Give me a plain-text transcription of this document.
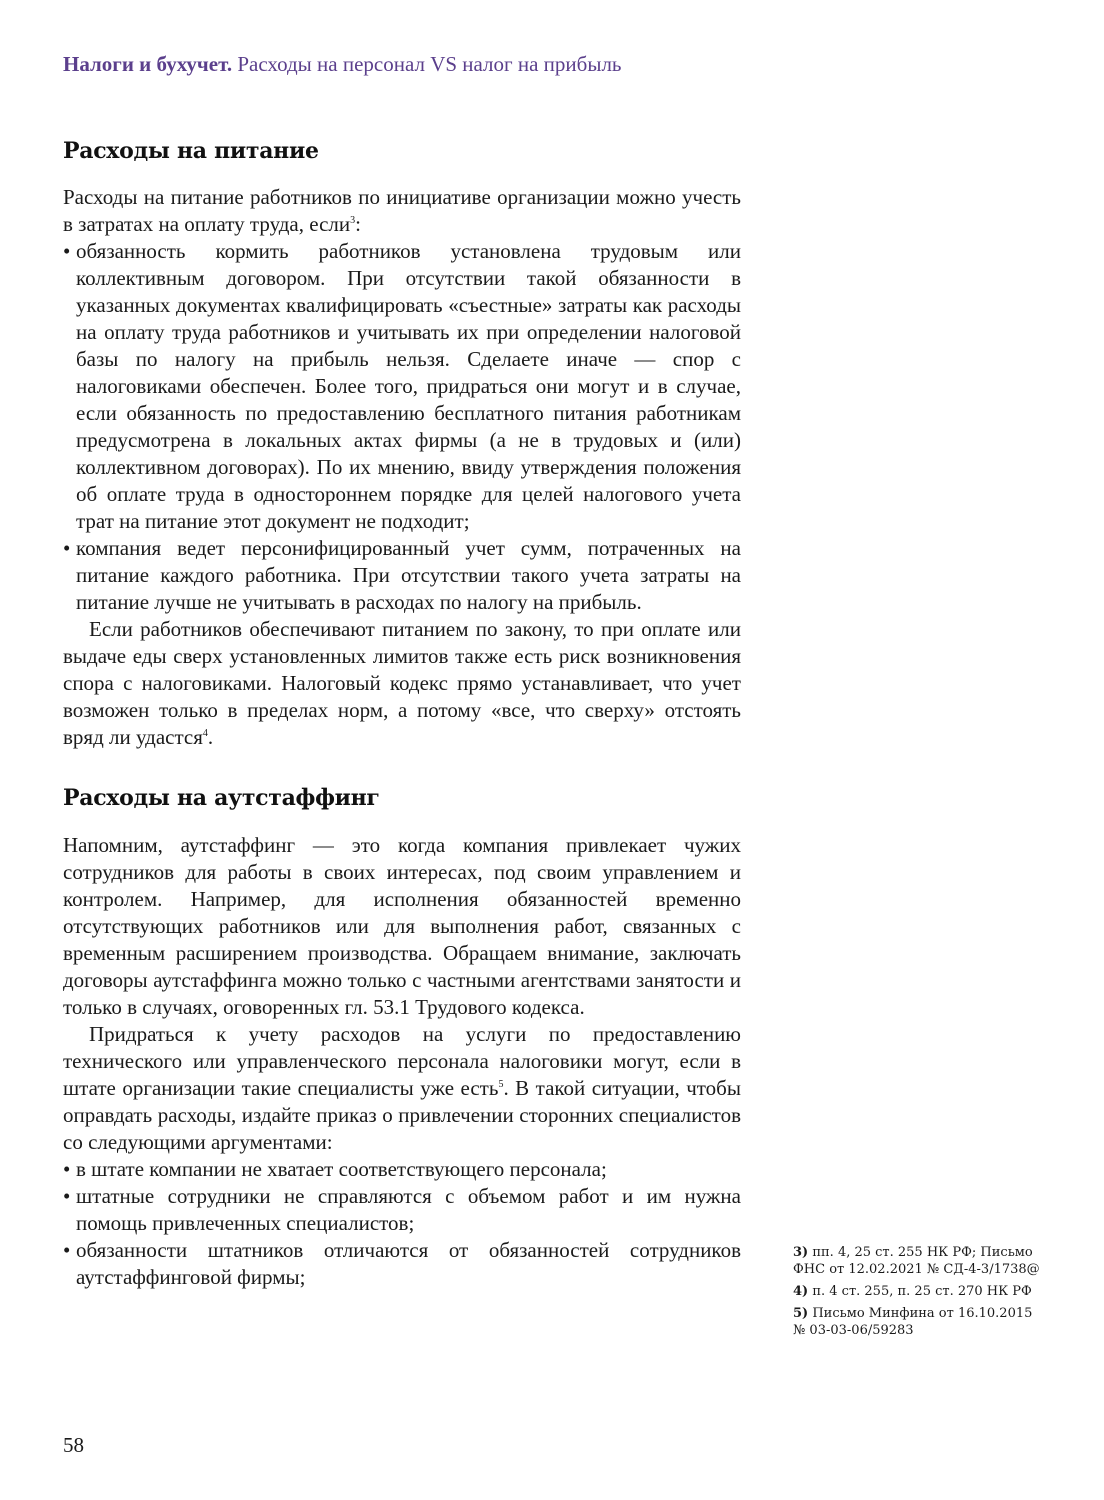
Налоги и бухучет. Расходы на персонал VS налог на прибыль
Расходы на питание

Расходы на питание работников по инициативе организации можно учесть в затратах на оплату труда, если$^3$:

• обязанность кормить работников установлена трудовым или коллективным договором. При отсутствии такой обязанности в указанных документах квалифицировать «съестные» затраты как расходы на оплату труда работников и учитывать их при определении налоговой базы по налогу на прибыль нельзя. Сделаете иначе — спор с налоговиками обеспечен. Более того, придраться они могут и в случае, если обязанность по предоставлению бесплатного питания работникам предусмотрена в локальных актах фирмы (а не в трудовых и (или) коллективном договорах). По их мнению, ввиду утверждения положения об оплате труда в одностороннем порядке для целей налогового учета трат на питание этот документ не подходит;
• компания ведет персонифицированный учет сумм, потраченных на питание каждого работника. При отсутствии такого учета затраты на питание лучше не учитывать в расходах по налогу на прибыль.

Если работников обеспечивают питанием по закону, то при оплате или выдаче еды сверх установленных лимитов также есть риск возникновения спора с налоговиками. Налоговый кодекс прямо устанавливает, что учет возможен только в пределах норм, а потому «все, что сверху» отстоять вряд ли удастся$^4$.

Расходы на аутстаффинг

Напомним, аутстаффинг — это когда компания привлекает чужих сотрудников для работы в своих интересах, под своим управлением и контролем. Например, для исполнения обязанностей временно отсутствующих работников или для выполнения работ, связанных с временным расширением производства. Обращаем внимание, заключать договоры аутстаффинга можно только с частными агентствами занятости и только в случаях, оговоренных гл. 53.1 Трудового кодекса.

Придраться к учету расходов на услуги по предоставлению технического или управленческого персонала налоговики могут, если в штате организации такие специалисты уже есть$^5$. В такой ситуации, чтобы оправдать расходы, издайте приказ о привлечении сторонних специалистов со следующими аргументами:

• в штате компании не хватает соответствующего персонала;
• штатные сотрудники не справляются с объемом работ и им нужна помощь привлеченных специалистов;
• обязанности штатников отличаются от обязанностей сотрудников аутстаффинговой фирмы;
3) пп. 4, 25 ст. 255 НК РФ; Письмо ФНС от 12.02.2021 № СД-4-3/1738@
4) п. 4 ст. 255, п. 25 ст. 270 НК РФ
5) Письмо Минфина от 16.10.2015 № 03-03-06/59283
58
